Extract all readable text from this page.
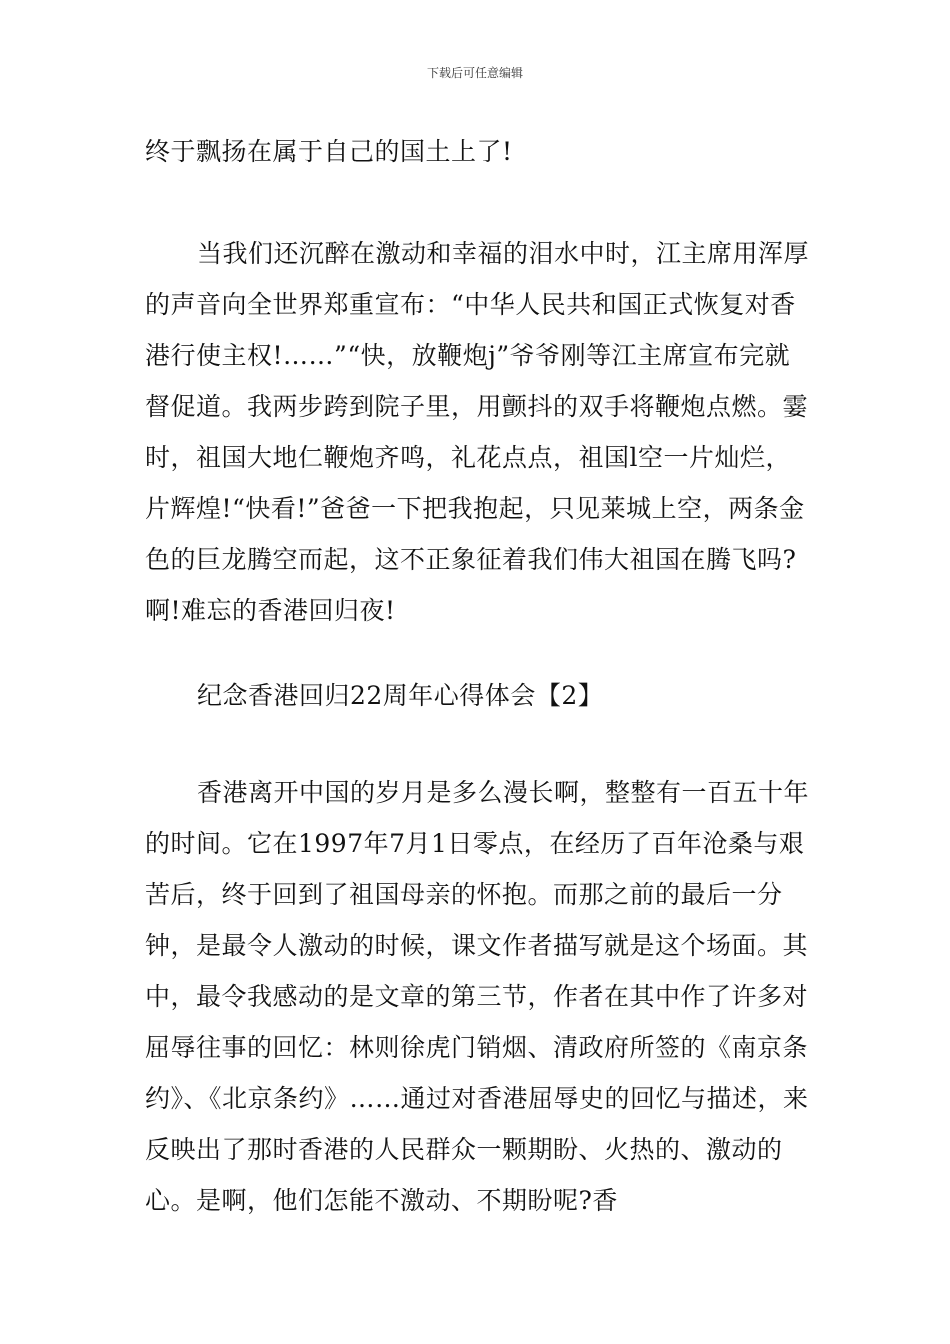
下载后可任意编辑

终于飘扬在属于自己的国土上了!

当我们还沉醉在激动和幸福的泪水中时，江主席用浑厚的声音向全世界郑重宣布：“中华人民共和国正式恢复对香港行使主权!……”“快，放鞭炮j”爷爷刚等江主席宣布完就督促道。我两步跨到院子里，用颤抖的双手将鞭炮点燃。霎时，祖国大地仁鞭炮齐鸣，礼花点点，祖国l空一片灿烂，片辉煌!“快看!”爸爸一下把我抱起，只见莱城上空，两条金色的巨龙腾空而起，这不正象征着我们伟大祖国在腾飞吗?啊!难忘的香港回归夜!

纪念香港回归22周年心得体会【2】

香港离开中国的岁月是多么漫长啊，整整有一百五十年的时间。它在1997年7月1日零点，在经历了百年沧桑与艰苦后，终于回到了祖国母亲的怀抱。而那之前的最后一分钟，是最令人激动的时候，课文作者描写就是这个场面。其中，最令我感动的是文章的第三节，作者在其中作了许多对屈辱往事的回忆：林则徐虎门销烟、清政府所签的《南京条约》、《北京条约》……通过对香港屈辱史的回忆与描述，来反映出了那时香港的人民群众一颗期盼、火热的、激动的心。是啊，他们怎能不激动、不期盼呢?香
